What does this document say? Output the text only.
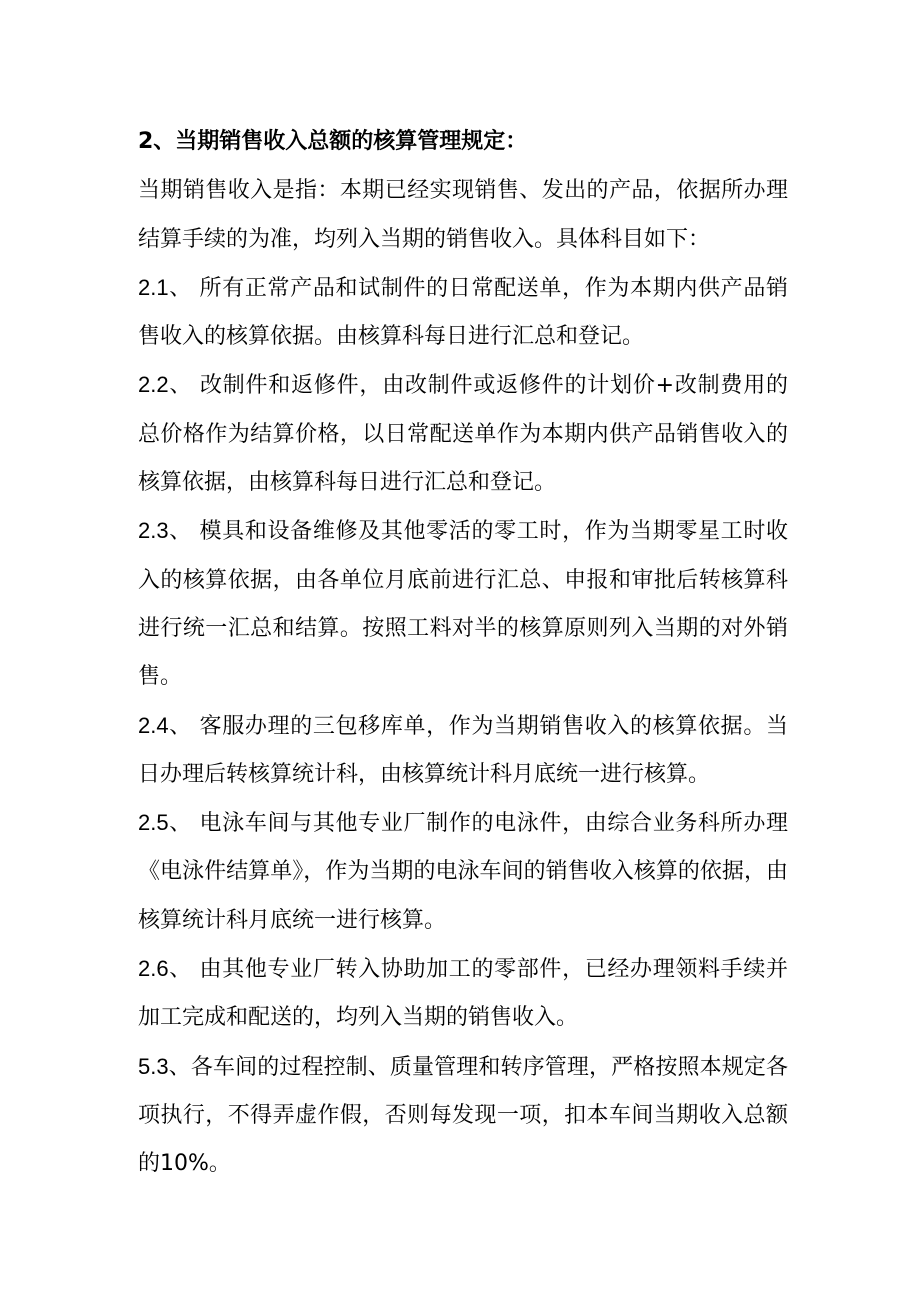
2、当期销售收入总额的核算管理规定：

当期销售收入是指：本期已经实现销售、发出的产品，依据所办理结算手续的为准，均列入当期的销售收入。具体科目如下：

2.1、 所有正常产品和试制件的日常配送单，作为本期内供产品销售收入的核算依据。由核算科每日进行汇总和登记。

2.2、 改制件和返修件，由改制件或返修件的计划价+改制费用的总价格作为结算价格，以日常配送单作为本期内供产品销售收入的核算依据，由核算科每日进行汇总和登记。

2.3、 模具和设备维修及其他零活的零工时，作为当期零星工时收入的核算依据，由各单位月底前进行汇总、申报和审批后转核算科进行统一汇总和结算。按照工料对半的核算原则列入当期的对外销售。

2.4、 客服办理的三包移库单，作为当期销售收入的核算依据。当日办理后转核算统计科，由核算统计科月底统一进行核算。

2.5、 电泳车间与其他专业厂制作的电泳件，由综合业务科所办理《电泳件结算单》，作为当期的电泳车间的销售收入核算的依据，由核算统计科月底统一进行核算。

2.6、 由其他专业厂转入协助加工的零部件，已经办理领料手续并加工完成和配送的，均列入当期的销售收入。

5.3、各车间的过程控制、质量管理和转序管理，严格按照本规定各项执行，不得弄虚作假，否则每发现一项，扣本车间当期收入总额的10%。
